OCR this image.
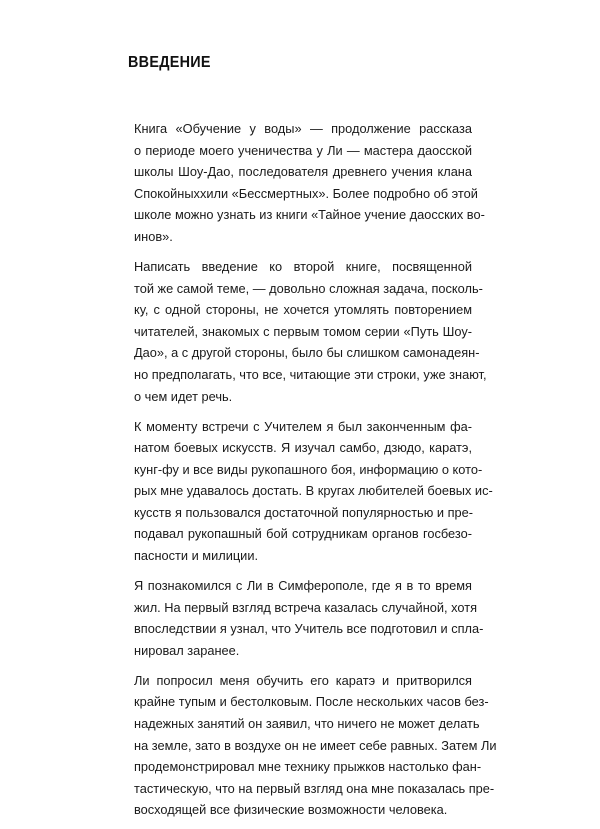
ВВЕДЕНИЕ

Книга «Обучение у воды» — продолжение рассказа
о периоде моего ученичества у Ли — мастера даосской
школы Шоу-Дао, последователя древнего учения клана
Спокойныххили «Бессмертных». Более подробно об этой
школе можно узнать из книги «Тайное учение даосских во-
инов».

Написать введение ко второй книге, посвященной
той же самой теме, — довольно сложная задача, посколь-
ку, с одной стороны, не хочется утомлять повторением
читателей, знакомых с первым томом серии «Путь Шоу-
Дао», а с другой стороны, было бы слишком самонадеян-
но предполагать, что все, читающие эти строки, уже знают,
о чем идет речь.

К моменту встречи с Учителем я был законченным фа-
натом боевых искусств. Я изучал самбо, дзюдо, каратэ,
кунг-фу и все виды рукопашного боя, информацию о кото-
рых мне удавалось достать. В кругах любителей боевых ис-
кусств я пользовался достаточной популярностью и пре-
подавал рукопашный бой сотрудникам органов госбезо-
пасности и милиции.

Я познакомился с Ли в Симферополе, где я в то время
жил. На первый взгляд встреча казалась случайной, хотя
впоследствии я узнал, что Учитель все подготовил и спла-
нировал заранее.

Ли попросил меня обучить его каратэ и притворился
крайне тупым и бестолковым. После нескольких часов без-
надежных занятий он заявил, что ничего не может делать
на земле, зато в воздухе он не имеет себе равных. Затем Ли
продемонстрировал мне технику прыжков настолько фан-
тастическую, что на первый взгляд она мне показалась пре-
восходящей все физические возможности человека.
